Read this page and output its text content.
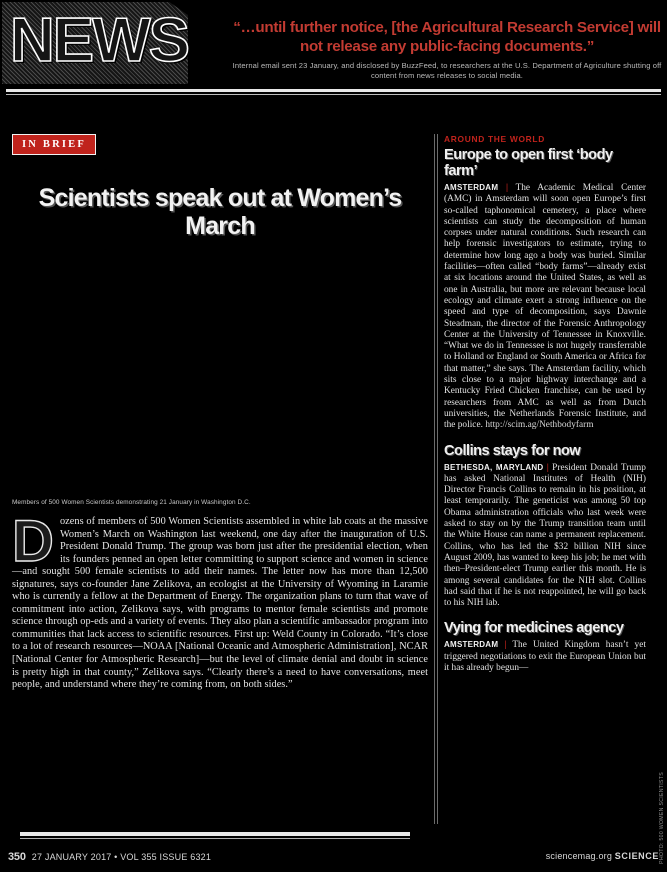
NEWS	“…until further notice, [the Agricultural Research Service] will not release any public-facing documents.”
Internal email sent 23 January, and disclosed by BuzzFeed, to researchers at the U.S. Department of Agriculture shutting off content from news releases to social media.
IN BRIEF
Scientists speak out at Women’s March
Members of 500 Women Scientists demonstrating 21 January in Washington D.C.
Dozens of members of 500 Women Scientists assembled in white lab coats at the massive Women’s March on Washington last weekend, one day after the inauguration of U.S. President Donald Trump. The group was born just after the presidential election, when its founders penned an open letter committing to support science and women in science—and sought 500 female scientists to add their names. The letter now has more than 12,500 signatures, says co-founder Jane Zelikova, an ecologist at the University of Wyoming in Laramie who is currently a fellow at the Department of Energy. The organization plans to turn that wave of commitment into action, Zelikova says, with programs to mentor female scientists and promote science through op-eds and a variety of events. They also plan a scientific ambassador program into communities that lack access to scientific resources. First up: Weld County in Colorado. “It’s close to a lot of research resources—NOAA [National Oceanic and Atmospheric Administration], NCAR [National Center for Atmospheric Research]—but the level of climate denial and doubt in science is pretty high in that county,” Zelikova says. “Clearly there’s a need to have conversations, meet people, and understand where they’re coming from, on both sides.”
AROUND THE WORLD
Europe to open first ‘body farm’
AMSTERDAM | The Academic Medical Center (AMC) in Amsterdam will soon open Europe’s first so-called taphonomical cemetery, a place where scientists can study the decomposition of human corpses under natural conditions. Such research can help forensic investigators to estimate, trying to determine how long ago a body was buried. Similar facilities—often called “body farms”—already exist at six locations around the United States, as well as one in Australia, but more are relevant because local ecology and climate exert a strong influence on the speed and type of decomposition, says Dawnie Steadman, the director of the Forensic Anthropology Center at the University of Tennessee in Knoxville. “What we do in Tennessee is not hugely transferrable to Holland or England or South America or Africa for that matter,” she says. The Amsterdam facility, which sits close to a major highway interchange and a Kentucky Fried Chicken franchise, can be used by researchers from AMC as well as from Dutch universities, the Netherlands Forensic Institute, and the police. http://scim.ag/Nethbodyfarm
Collins stays for now
BETHESDA, MARYLAND | President Donald Trump has asked National Institutes of Health (NIH) Director Francis Collins to remain in his position, at least temporarily. The geneticist was among 50 top Obama administration officials who last week were asked to stay on by the Trump transition team until the White House can name a permanent replacement. Collins, who has led the $32 billion NIH since August 2009, has wanted to keep his job; he met with then–President-elect Trump earlier this month. He is among several candidates for the NIH slot. Collins had said that if he is not reappointed, he will go back to his NIH lab.
Vying for medicines agency
AMSTERDAM | The United Kingdom hasn’t yet triggered negotiations to exit the European Union but it has already begun—
PHOTO: 500 WOMEN SCIENTISTS
350 27 JANUARY 2017 • VOL 355 ISSUE 6321	sciencemag.org SCIENCE
